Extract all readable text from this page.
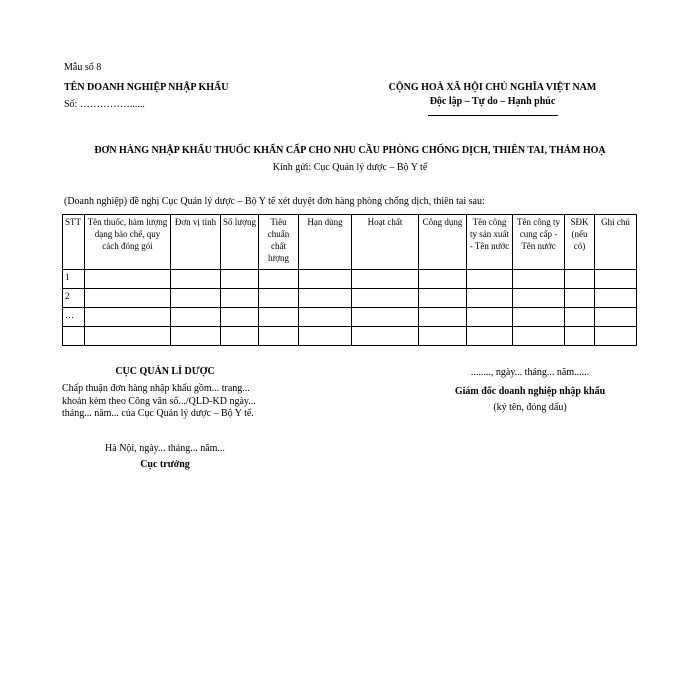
Mẫu số 8
TÊN DOANH NGHIỆP NHẬP KHẨU
Số: ……………......
CỘNG HOÀ XÃ HỘI CHỦ NGHĨA VIỆT NAM
Độc lập – Tự do – Hạnh phúc
ĐƠN HÀNG NHẬP KHẨU THUỐC KHẨN CẤP CHO NHU CẦU PHÒNG CHỐNG DỊCH, THIÊN TAI, THẢM HOẠ
Kính gửi: Cục Quản lý dược – Bộ Y tế
(Doanh nghiệp) đề nghị Cục Quản lý dược – Bộ Y tế xét duyệt đơn hàng phòng chống dịch, thiên tai sau:
STT	Tên thuốc, hàm lượng dạng bào chế, quy cách đóng gói	Đơn vị tính	Số lượng	Tiêu chuẩn chất lượng	Hạn dùng	Hoạt chất	Công dụng	Tên công ty sản xuất - Tên nước	Tên công ty cung cấp - Tên nước	SĐK (nếu có)	Ghi chú
1											
2											
…											

CỤC QUẢN LÍ DƯỢC
Chấp thuận đơn hàng nhập khẩu gồm... trang... khoản kèm theo Công văn số.../QLD-KD ngày... tháng... năm... của Cục Quản lý dược – Bộ Y tế.
Hà Nội, ngày... tháng... năm...
Cục trưởng
........, ngày... tháng... năm......
Giám đốc doanh nghiệp nhập khẩu
(ký tên, đóng dấu)
